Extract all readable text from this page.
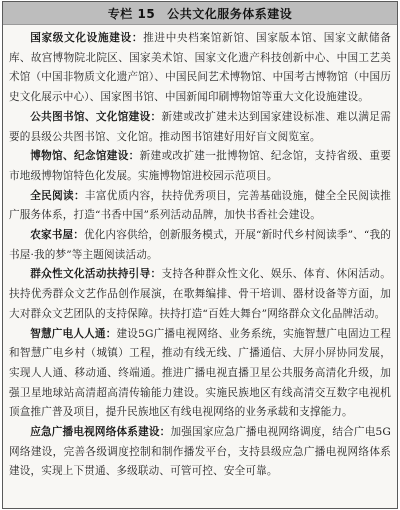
专栏 15 公共文化服务体系建设

国家级文化设施建设：推进中央档案馆新馆、国家版本馆、国家文献储备库、故宫博物院北院区、国家美术馆、国家文化遗产科技创新中心、中国工艺美术馆（中国非物质文化遗产馆）、中国民间艺术博物馆、中国考古博物馆（中国历史文化展示中心）、国家图书馆、中国新闻印刷博物馆等重大文化设施建设。

公共图书馆、文化馆建设：新建或改扩建未达到国家建设标准、难以满足需要的县级公共图书馆、文化馆。推动图书馆建好用好盲文阅览室。

博物馆、纪念馆建设：新建或改扩建一批博物馆、纪念馆，支持省级、重要市地级博物馆特色化发展。实施博物馆进校园示范项目。

全民阅读：丰富优质内容，扶持优秀项目，完善基础设施，健全全民阅读推广服务体系，打造“书香中国”系列活动品牌，加快书香社会建设。

农家书屋：优化内容供给，创新服务模式，开展“新时代乡村阅读季”、“我的书屋·我的梦”等主题阅读活动。

群众性文化活动扶持引导：支持各种群众性文化、娱乐、体育、休闲活动。扶持优秀群众文艺作品创作展演，在歌舞编排、骨干培训、器材设备等方面，加大对群众文艺团队的支持保障。扶持打造“百姓大舞台”网络群众文化品牌活动。

智慧广电人人通：建设5G广播电视网络、业务系统，实施智慧广电固边工程和智慧广电乡村（城镇）工程，推动有线无线、广播通信、大屏小屏协同发展，实现人人通、移动通、终端通。推进广播电视直播卫星公共服务高清化升级，加强卫星地球站高清超高清传输能力建设。实施民族地区有线高清交互数字电视机顶盒推广普及项目，提升民族地区有线电视网络的业务承载和支撑能力。

应急广播电视网络体系建设：加强国家应急广播电视网络调度，结合广电5G网络建设，完善各级调度控制和制作播发平台，支持县级应急广播电视网络体系建设，实现上下贯通、多级联动、可管可控、安全可靠。
